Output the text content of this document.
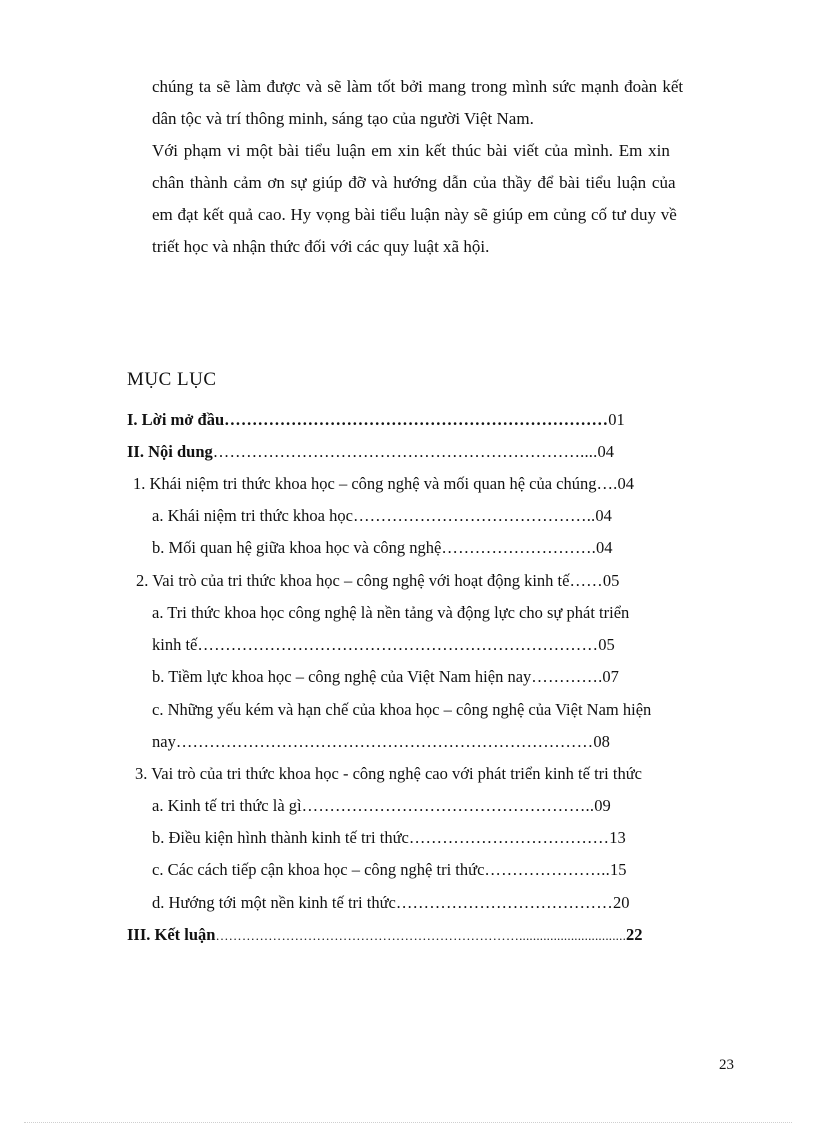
chúng ta sẽ làm được và sẽ làm tốt bởi mang trong mình sức mạnh đoàn kết
dân tộc và trí thông minh, sáng tạo của người Việt Nam.
Với phạm vi một bài tiểu luận em xin kết thúc bài viết của mình. Em xin
chân thành cảm ơn sự giúp đỡ và hướng dẫn của thầy để bài tiểu luận của
em đạt kết quả cao. Hy vọng bài tiểu luận này sẽ giúp em củng cố tư duy về
triết học và nhận thức đối với các quy luật xã hội.
MỤC LỤC
I. Lời mở đầu……………………………………………………………01
II. Nội dung…………………………………………………………....04
1. Khái niệm tri thức khoa học – công nghệ và mối quan hệ của chúng….04
a. Khái niệm tri thức khoa học……………………………………..04
b. Mối quan hệ giữa khoa học và công nghệ……………………….04
2. Vai trò của tri thức khoa học – công nghệ với hoạt động kinh tế……05
a. Tri thức khoa học công nghệ là nền tảng và động lực cho sự phát triển
kinh tế………………………………………………………………05
b. Tiềm lực khoa học – công nghệ của Việt Nam hiện nay………….07
c. Những yếu kém và hạn chế của khoa học – công nghệ của Việt Nam hiện
nay…………………………………………………………………08
3. Vai trò của tri thức khoa học - công nghệ cao với phát triển kinh tế tri thức
a. Kinh tế tri thức là gì……………………………………………..09
b. Điều kiện hình thành kinh tế tri thức………………………………13
c. Các cách tiếp cận khoa học – công nghệ tri thức…………………..15
d. Hướng tới một nền kinh tế tri thức…………………………………20
III. Kết luận……………………………………………………………...............................22
23
